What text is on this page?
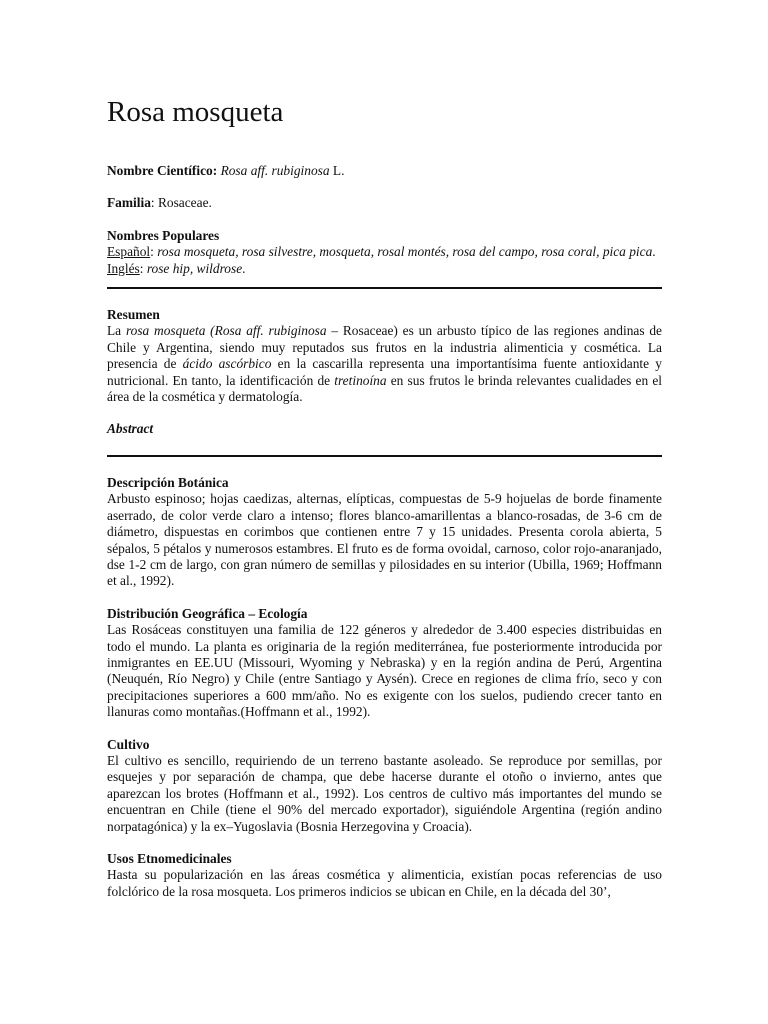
Rosa mosqueta

Nombre Científico: Rosa aff. rubiginosa L.

Familia: Rosaceae.

Nombres Populares

Español: rosa mosqueta, rosa silvestre, mosqueta, rosal montés, rosa del campo, rosa coral, pica pica.

Inglés: rose hip, wildrose.

Resumen

La rosa mosqueta (Rosa aff. rubiginosa – Rosaceae) es un arbusto típico de las regiones andinas de Chile y Argentina, siendo muy reputados sus frutos en la industria alimenticia y cosmética. La presencia de ácido ascórbico en la cascarilla representa una importantísima fuente antioxidante y nutricional. En tanto, la identificación de tretinoína en sus frutos le brinda relevantes cualidades en el área de la cosmética y dermatología.

Abstract

Descripción Botánica

Arbusto espinoso; hojas caedizas, alternas, elípticas, compuestas de 5-9 hojuelas de borde finamente aserrado, de color verde claro a intenso; flores blanco-amarillentas a blanco-rosadas, de 3-6 cm de diámetro, dispuestas en corimbos que contienen entre 7 y 15 unidades. Presenta corola abierta, 5 sépalos, 5 pétalos y numerosos estambres. El fruto es de forma ovoidal, carnoso, color rojo-anaranjado, dse 1-2 cm de largo, con gran número de semillas y pilosidades en su interior (Ubilla, 1969; Hoffmann et al., 1992).

Distribución Geográfica – Ecología

Las Rosáceas constituyen una familia de 122 géneros y alrededor de 3.400 especies distribuidas en todo el mundo. La planta es originaria de la región mediterránea, fue posteriormente introducida por inmigrantes en EE.UU (Missouri, Wyoming y Nebraska) y en la región andina de Perú, Argentina (Neuquén, Río Negro) y Chile (entre Santiago y Aysén). Crece en regiones de clima frío, seco y con precipitaciones superiores a 600 mm/año. No es exigente con los suelos, pudiendo crecer tanto en llanuras como montañas.(Hoffmann et al., 1992).

Cultivo

El cultivo es sencillo, requiriendo de un terreno bastante asoleado. Se reproduce por semillas, por esquejes y por separación de champa, que debe hacerse durante el otoño o invierno, antes que aparezcan los brotes (Hoffmann et al., 1992). Los centros de cultivo más importantes del mundo se encuentran en Chile (tiene el 90% del mercado exportador), siguiéndole Argentina (región andino norpatagónica) y la ex–Yugoslavia (Bosnia Herzegovina y Croacia).

Usos Etnomedicinales

Hasta su popularización en las áreas cosmética y alimenticia, existían pocas referencias de uso folclórico de la rosa mosqueta. Los primeros indicios se ubican en Chile, en la década del 30’,
